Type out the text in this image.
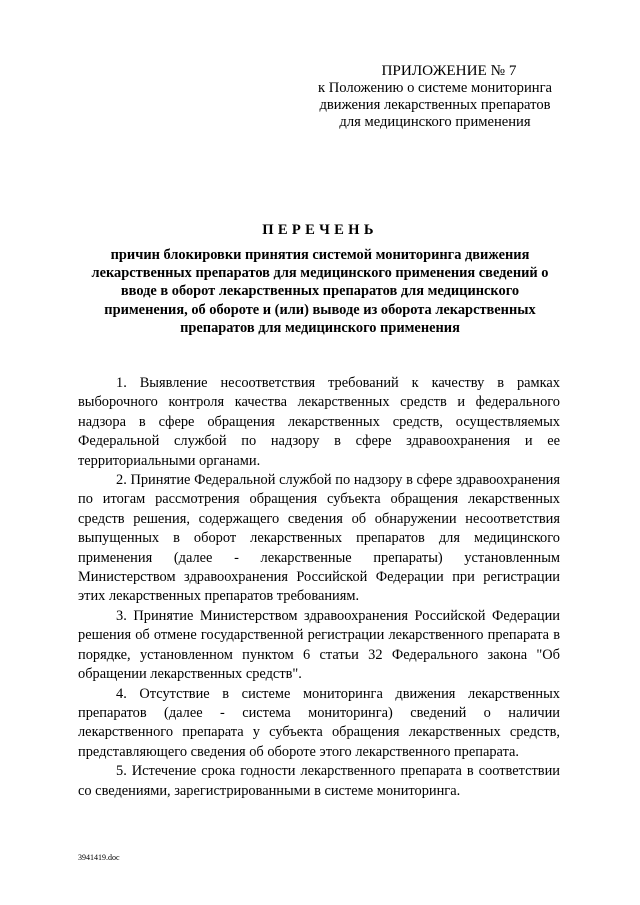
ПРИЛОЖЕНИЕ № 7
к Положению о системе мониторинга
движения лекарственных препаратов
для медицинского применения
ПЕРЕЧЕНЬ
причин блокировки принятия системой мониторинга движения лекарственных препаратов для медицинского применения сведений о вводе в оборот лекарственных препаратов для медицинского применения, об обороте и (или) выводе из оборота лекарственных препаратов для медицинского применения

1. Выявление несоответствия требований к качеству в рамках выборочного контроля качества лекарственных средств и федерального надзора в сфере обращения лекарственных средств, осуществляемых Федеральной службой по надзору в сфере здравоохранения и ее территориальными органами.

2. Принятие Федеральной службой по надзору в сфере здравоохранения по итогам рассмотрения обращения субъекта обращения лекарственных средств решения, содержащего сведения об обнаружении несоответствия выпущенных в оборот лекарственных препаратов для медицинского применения (далее - лекарственные препараты) установленным Министерством здравоохранения Российской Федерации при регистрации этих лекарственных препаратов требованиям.

3. Принятие Министерством здравоохранения Российской Федерации решения об отмене государственной регистрации лекарственного препарата в порядке, установленном пунктом 6 статьи 32 Федерального закона "Об обращении лекарственных средств".

4. Отсутствие в системе мониторинга движения лекарственных препаратов (далее - система мониторинга) сведений о наличии лекарственного препарата у субъекта обращения лекарственных средств, представляющего сведения об обороте этого лекарственного препарата.

5. Истечение срока годности лекарственного препарата в соответствии со сведениями, зарегистрированными в системе мониторинга.

3941419.doc
